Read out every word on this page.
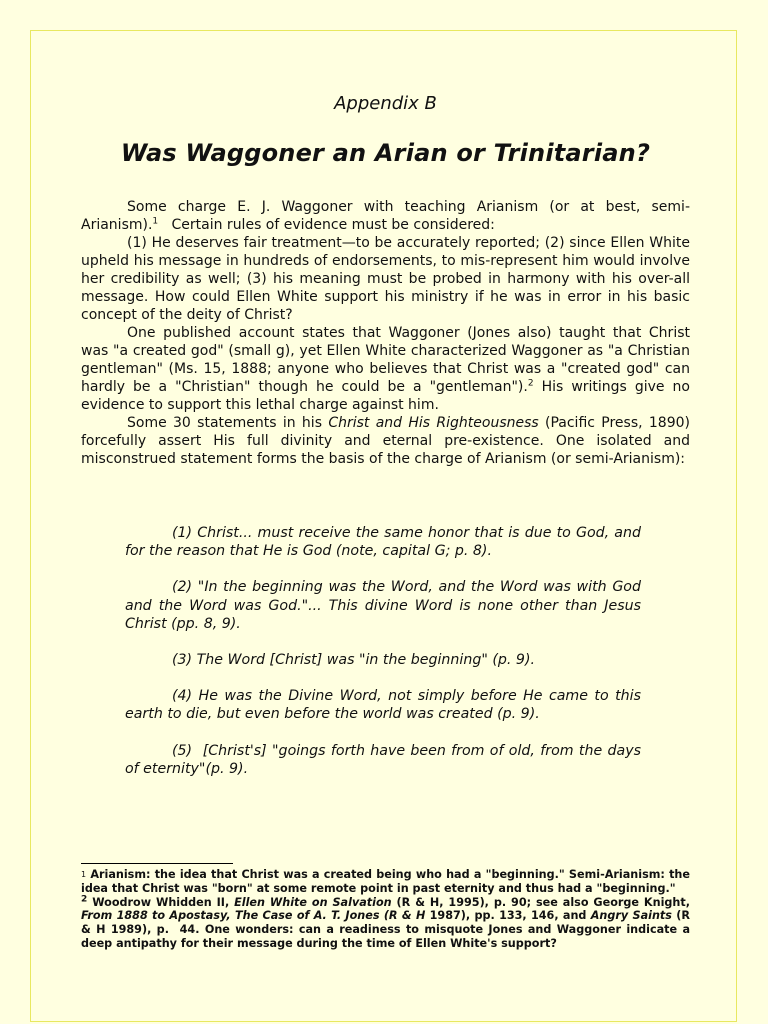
Appendix B
Was Waggoner an Arian or Trinitarian?

Some charge E. J. Waggoner with teaching Arianism (or at best, semi-Arianism).$^1$   Certain rules of evidence must be considered:

(1) He deserves fair treatment—to be accurately reported; (2) since Ellen White upheld his message in hundreds of endorsements, to mis-represent him would involve her credibility as well; (3) his meaning must be probed in harmony with his over-all message. How could Ellen White support his ministry if he was in error in his basic concept of the deity of Christ?

One published account states that Waggoner (Jones also) taught that Christ was "a created god" (small g), yet Ellen White characterized Waggoner as "a Christian gentleman" (Ms. 15, 1888; anyone who believes that Christ was a "created god" can hardly be a "Christian" though he could be a "gentleman").$^2$ His writings give no evidence to support this lethal charge against him.

Some 30 statements in his Christ and His Righteousness (Pacific Press, 1890) forcefully assert His full divinity and eternal pre-existence. One isolated and misconstrued statement forms the basis of the charge of Arianism (or semi-Arianism):

(1) Christ... must receive the same honor that is due to God, and for the reason that He is God (note, capital G; p. 8).

(2) "In the beginning was the Word, and the Word was with God and the Word was God."... This divine Word is none other than Jesus Christ (pp. 8, 9).

(3) The Word [Christ] was "in the beginning" (p. 9).

(4) He was the Divine Word, not simply before He came to this earth to die, but even before the world was created (p. 9).

(5)  [Christ's] "goings forth have been from of old, from the days of eternity"(p. 9).

$^1$ Arianism: the idea that Christ was a created being who had a "beginning." Semi-Arianism: the idea that Christ was "born" at some remote point in past eternity and thus had a "beginning."

$^2$ Woodrow Whidden II, Ellen White on Salvation (R & H, 1995), p. 90; see also George Knight, From 1888 to Apostasy, The Case of A. T. Jones (R & H 1987), pp. 133, 146, and Angry Saints (R & H 1989), p.  44. One wonders: can a readiness to misquote Jones and Waggoner indicate a deep antipathy for their message during the time of Ellen White's support?
